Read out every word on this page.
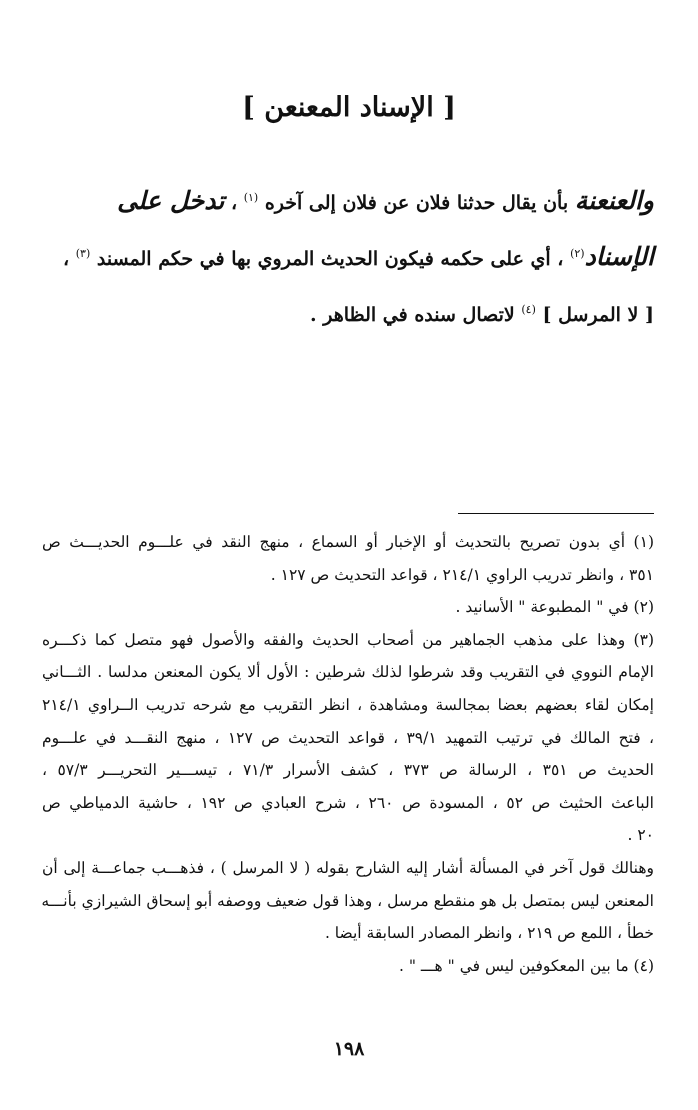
[ الإسناد المعنعن ]
والعنعنة بأن يقال حدثنا فلان عن فلان إلى آخره $^{(١)}$ ، تدخل على
الإسناد$^{(٢)}$ ، أي على حكمه فيكون الحديث المروي بها في حكم المسند $^{(٣)}$ ،
[ لا المرسل ] $^{(٤)}$ لاتصال سنده في الظاهر .
(١) أي بدون تصريح بالتحديث أو الإخبار أو السماع ، منهج النقد في علـــوم الحديـــث ص
٣٥١ ، وانظر تدريب الراوي ٢١٤/١ ، قواعد التحديث ص ١٢٧ .
(٢) في " المطبوعة " الأسانيد .
(٣) وهذا على مذهب الجماهير من أصحاب الحديث والفقه والأصول فهو متصل كما ذكـــره
الإمام النووي في التقريب وقد شرطوا لذلك شرطين : الأول ألا يكون المعنعن مدلسا . الثـــاني
إمكان لقاء بعضهم بعضا بمجالسة ومشاهدة ، انظر التقريب مع شرحه تدريب الــراوي ٢١٤/١
، فتح المالك في ترتيب التمهيد ٣٩/١ ، قواعد التحديث ص ١٢٧ ، منهج النقـــد في علـــوم
الحديث ص ٣٥١ ، الرسالة ص ٣٧٣ ، كشف الأسرار ٧١/٣ ، تيســـير التحريـــر ٥٧/٣ ،
الباعث الحثيث ص ٥٢ ، المسودة ص ٢٦٠ ، شرح العبادي ص ١٩٢ ، حاشية الدمياطي ص
٢٠ .
وهنالك قول آخر في المسألة أشار إليه الشارح بقوله ( لا المرسل ) ، فذهـــب جماعـــة إلى أن
المعنعن ليس بمتصل بل هو منقطع مرسل ، وهذا قول ضعيف ووصفه أبو إسحاق الشيرازي بأنـــه
خطأ ، اللمع ص ٢١٩ ، وانظر المصادر السابقة أيضا .
(٤) ما بين المعكوفين ليس في " هـــ " .
١٩٨
